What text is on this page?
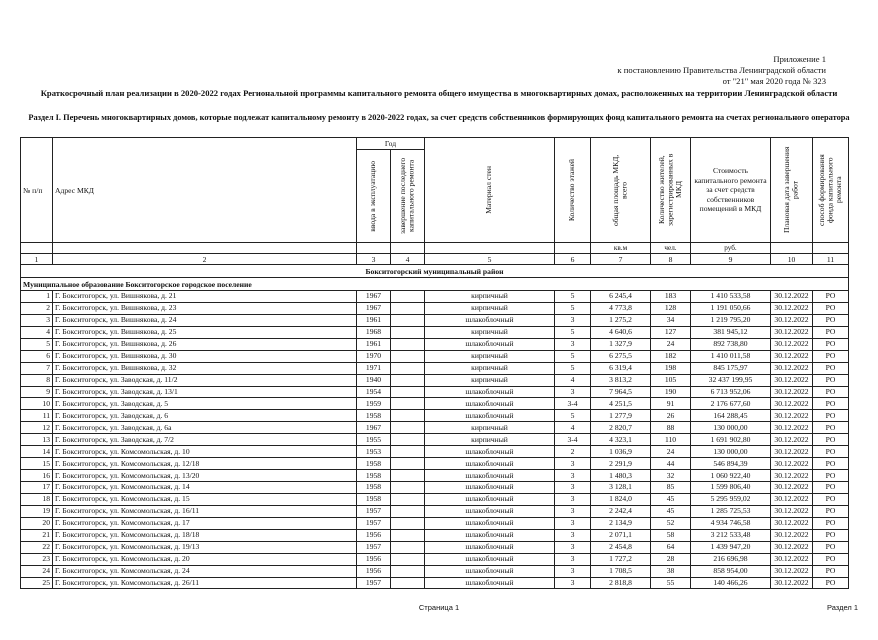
Приложение 1
к постановлению Правительства Ленинградской области
от "21" мая 2020 года № 323
Краткосрочный план реализации в 2020-2022 годах Региональной программы капитального ремонта общего имущества в многоквартирных домах, расположенных на территории Ленинградской области
Раздел I. Перечень многоквартирных домов, которые подлежат капитальному ремонту в 2020-2022 годах, за счет средств собственников формирующих фонд капитального ремонта на счетах регионального оператора
№ п/п	Адрес МКД	Год		Материал стен	Количество этажей	общая площадь МКД, всего	Количество жителей, зарегистрированных в МКД	Стоимость капитального ремонта за счет средств собственников помещений в МКД	Плановая дата завершения работ	способ формирования фонда капитального ремонта

		ввода в эксплуатацию	завершение последнего капитального ремонта							

						кв.м	чел.	руб.		
1	2	3	4	5	6	7	8	9	10	11
Бокситогорский муниципальный район										
Муниципальное образование Бокситогорское городское поселение										
1	Г. Бокситогорск, ул. Вишнякова, д. 21	1967		кирпичный	5	6 245,4	183	1 410 533,58	30.12.2022	РО
2	Г. Бокситогорск, ул. Вишнякова, д. 23	1967		кирпичный	5	4 773,8	128	1 191 050,66	30.12.2022	РО
3	Г. Бокситогорск, ул. Вишнякова, д. 24	1961		шлакоблочный	3	1 275,2	34	1 219 795,20	30.12.2022	РО
4	Г. Бокситогорск, ул. Вишнякова, д. 25	1968		кирпичный	5	4 640,6	127	381 945,12	30.12.2022	РО
5	Г. Бокситогорск, ул. Вишнякова, д. 26	1961		шлакоблочный	3	1 327,9	24	892 738,80	30.12.2022	РО
6	Г. Бокситогорск, ул. Вишнякова, д. 30	1970		кирпичный	5	6 275,5	182	1 410 011,58	30.12.2022	РО
7	Г. Бокситогорск, ул. Вишнякова, д. 32	1971		кирпичный	5	6 319,4	198	845 175,97	30.12.2022	РО
8	Г. Бокситогорск, ул. Заводская, д. 11/2	1940		кирпичный	4	3 813,2	105	32 437 199,95	30.12.2022	РО
9	Г. Бокситогорск, ул. Заводская, д. 13/1	1954		шлакоблочный	3	7 964,5	190	6 713 952,06	30.12.2022	РО
10	Г. Бокситогорск, ул. Заводская, д. 5	1959		шлакоблочный	3-4	4 251,5	91	2 176 677,60	30.12.2022	РО
11	Г. Бокситогорск, ул. Заводская, д. 6	1958		шлакоблочный	5	1 277,9	26	164 288,45	30.12.2022	РО
12	Г. Бокситогорск, ул. Заводская, д. 6а	1967		кирпичный	4	2 820,7	88	130 000,00	30.12.2022	РО
13	Г. Бокситогорск, ул. Заводская, д. 7/2	1955		кирпичный	3-4	4 323,1	110	1 691 902,80	30.12.2022	РО
14	Г. Бокситогорск, ул. Комсомольская, д. 10	1953		шлакоблочный	2	1 036,9	24	130 000,00	30.12.2022	РО
15	Г. Бокситогорск, ул. Комсомольская, д. 12/18	1958		шлакоблочный	3	2 291,9	44	546 894,39	30.12.2022	РО
16	Г. Бокситогорск, ул. Комсомольская, д. 13/20	1958		шлакоблочный	3	1 480,3	32	1 060 922,40	30.12.2022	РО
17	Г. Бокситогорск, ул. Комсомольская, д. 14	1958		шлакоблочный	3	3 128,1	85	1 599 806,40	30.12.2022	РО
18	Г. Бокситогорск, ул. Комсомольская, д. 15	1958		шлакоблочный	3	1 824,0	45	5 295 959,02	30.12.2022	РО
19	Г. Бокситогорск, ул. Комсомольская, д. 16/11	1957		шлакоблочный	3	2 242,4	45	1 285 725,53	30.12.2022	РО
20	Г. Бокситогорск, ул. Комсомольская, д. 17	1957		шлакоблочный	3	2 134,9	52	4 934 746,58	30.12.2022	РО
21	Г. Бокситогорск, ул. Комсомольская, д. 18/18	1956		шлакоблочный	3	2 071,1	58	3 212 533,48	30.12.2022	РО
22	Г. Бокситогорск, ул. Комсомольская, д. 19/13	1957		шлакоблочный	3	2 454,8	64	1 439 947,20	30.12.2022	РО
23	Г. Бокситогорск, ул. Комсомольская, д. 20	1956		шлакоблочный	3	1 727,2	28	216 696,98	30.12.2022	РО
24	Г. Бокситогорск, ул. Комсомольская, д. 24	1956		шлакоблочный	3	1 708,5	38	858 954,00	30.12.2022	РО
25	Г. Бокситогорск, ул. Комсомольская, д. 26/11	1957		шлакоблочный	3	2 818,8	55	140 466,26	30.12.2022	РО
Страница 1	Раздел 1
